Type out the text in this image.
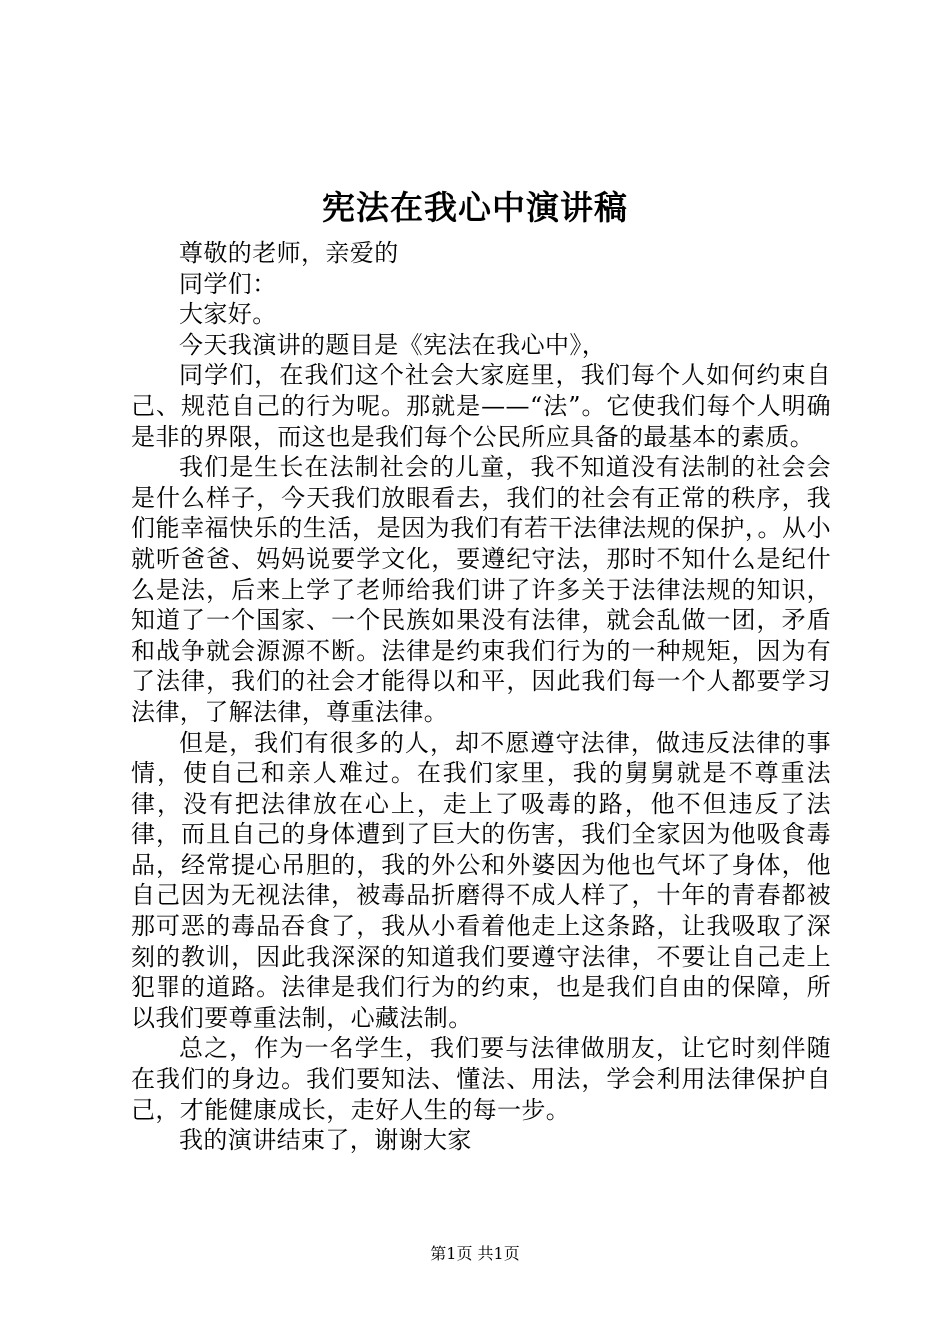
宪法在我心中演讲稿

尊敬的老师，亲爱的

同学们：

大家好。

今天我演讲的题目是《宪法在我心中》，

同学们，在我们这个社会大家庭里，我们每个人如何约束自己、规范自己的行为呢。那就是——“法”。它使我们每个人明确是非的界限，而这也是我们每个公民所应具备的最基本的素质。

我们是生长在法制社会的儿童，我不知道没有法制的社会会是什么样子，今天我们放眼看去，我们的社会有正常的秩序，我们能幸福快乐的生活，是因为我们有若干法律法规的保护，。从小就听爸爸、妈妈说要学文化，要遵纪守法，那时不知什么是纪什么是法，后来上学了老师给我们讲了许多关于法律法规的知识，知道了一个国家、一个民族如果没有法律，就会乱做一团，矛盾和战争就会源源不断。法律是约束我们行为的一种规矩，因为有了法律，我们的社会才能得以和平，因此我们每一个人都要学习法律，了解法律，尊重法律。

但是，我们有很多的人，却不愿遵守法律，做违反法律的事情，使自己和亲人难过。在我们家里，我的舅舅就是不尊重法律，没有把法律放在心上，走上了吸毒的路，他不但违反了法律，而且自己的身体遭到了巨大的伤害，我们全家因为他吸食毒品，经常提心吊胆的，我的外公和外婆因为他也气坏了身体，他自己因为无视法律，被毒品折磨得不成人样了，十年的青春都被那可恶的毒品吞食了，我从小看着他走上这条路，让我吸取了深刻的教训，因此我深深的知道我们要遵守法律，不要让自己走上犯罪的道路。法律是我们行为的约束，也是我们自由的保障，所以我们要尊重法制，心藏法制。

总之，作为一名学生，我们要与法律做朋友，让它时刻伴随在我们的身边。我们要知法、懂法、用法，学会利用法律保护自己，才能健康成长，走好人生的每一步。

我的演讲结束了，谢谢大家

第1页 共1页
